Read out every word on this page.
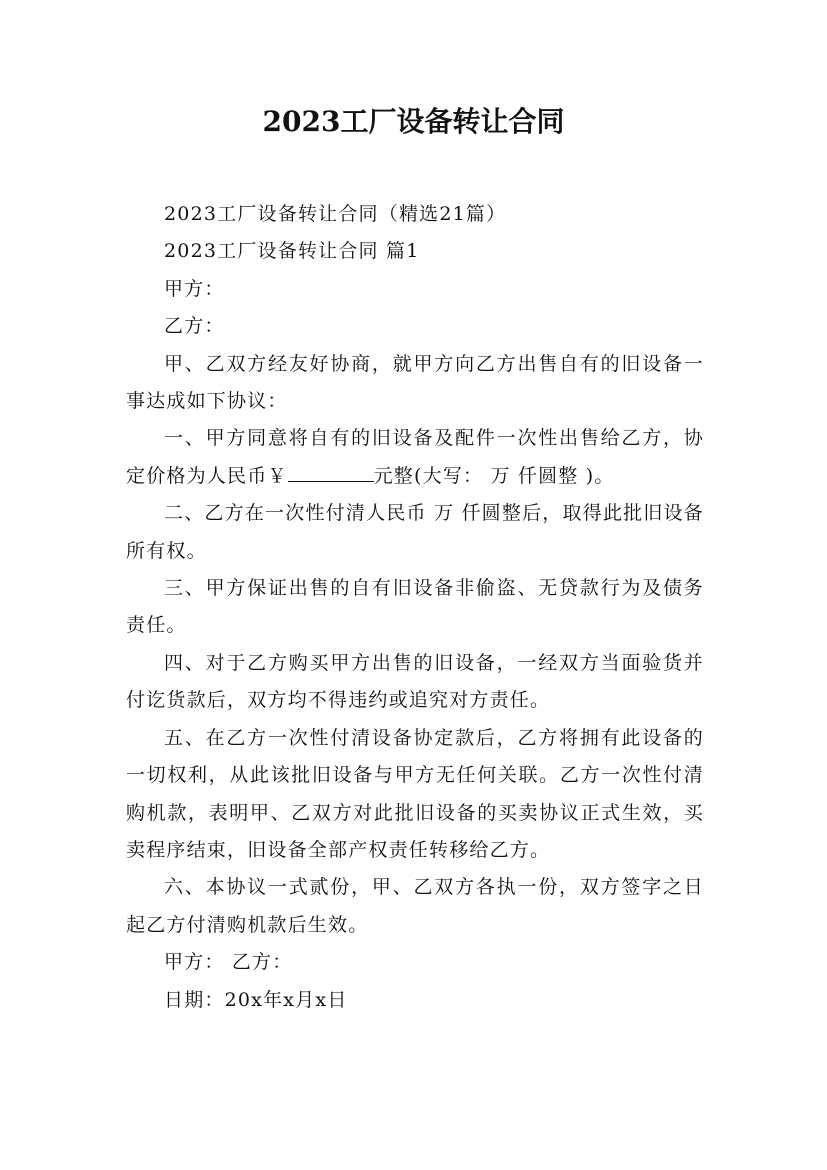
2023工厂设备转让合同

2023工厂设备转让合同（精选21篇）

2023工厂设备转让合同 篇1

甲方：

乙方：

甲、乙双方经友好协商，就甲方向乙方出售自有的旧设备一事达成如下协议：

一、甲方同意将自有的旧设备及配件一次性出售给乙方，协定价格为人民币￥	元整(大写： 万 仟圆整 )。

二、乙方在一次性付清人民币 万 仟圆整后，取得此批旧设备所有权。

三、甲方保证出售的自有旧设备非偷盗、无贷款行为及债务责任。

四、对于乙方购买甲方出售的旧设备，一经双方当面验货并付讫货款后，双方均不得违约或追究对方责任。

五、在乙方一次性付清设备协定款后，乙方将拥有此设备的一切权利，从此该批旧设备与甲方无任何关联。乙方一次性付清购机款，表明甲、乙双方对此批旧设备的买卖协议正式生效，买卖程序结束，旧设备全部产权责任转移给乙方。

六、本协议一式贰份，甲、乙双方各执一份，双方签字之日起乙方付清购机款后生效。

甲方： 乙方：

日期：20x年x月x日
